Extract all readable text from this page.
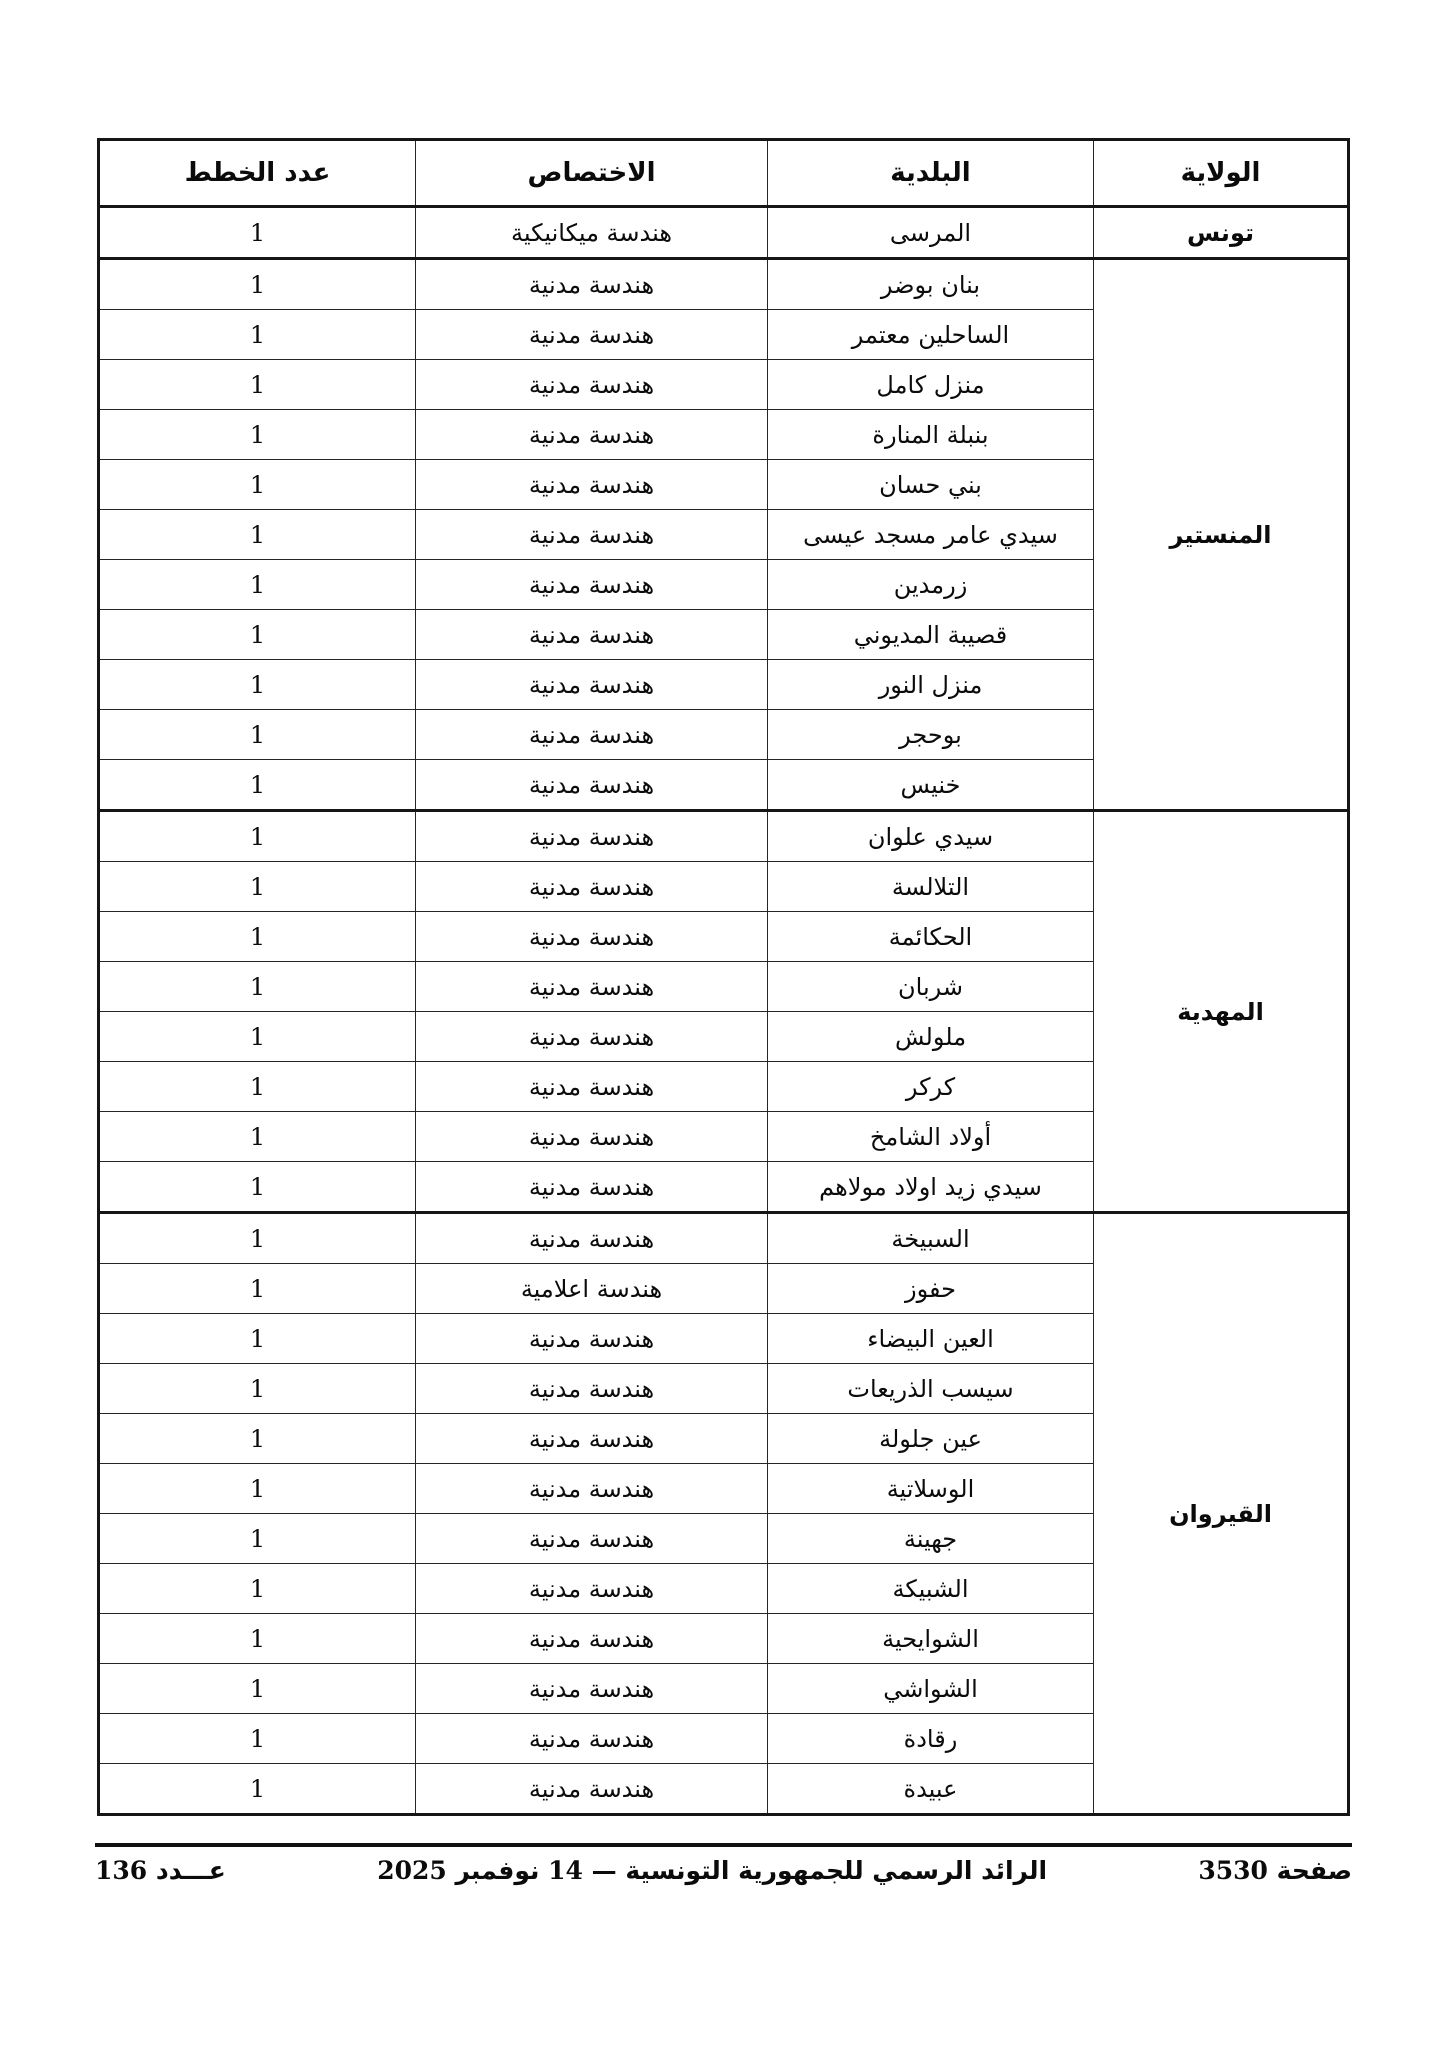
الولاية	البلدية	الاختصاص	عدد الخطط
تونس	المرسى	هندسة ميكانيكية	1
المنستير	بنان بوضر	هندسة مدنية	1
	الساحلين معتمر	هندسة مدنية	1
	منزل كامل	هندسة مدنية	1
	بنبلة المنارة	هندسة مدنية	1
	بني حسان	هندسة مدنية	1
	سيدي عامر مسجد عيسى	هندسة مدنية	1
	زرمدين	هندسة مدنية	1
	قصيبة المديوني	هندسة مدنية	1
	منزل النور	هندسة مدنية	1
	بوحجر	هندسة مدنية	1
	خنيس	هندسة مدنية	1
المهدية	سيدي علوان	هندسة مدنية	1
	التلالسة	هندسة مدنية	1
	الحكائمة	هندسة مدنية	1
	شربان	هندسة مدنية	1
	ملولش	هندسة مدنية	1
	كركر	هندسة مدنية	1
	أولاد الشامخ	هندسة مدنية	1
	سيدي زيد اولاد مولاهم	هندسة مدنية	1
القيروان	السبيخة	هندسة مدنية	1
	حفوز	هندسة اعلامية	1
	العين البيضاء	هندسة مدنية	1
	سيسب الذريعات	هندسة مدنية	1
	عين جلولة	هندسة مدنية	1
	الوسلاتية	هندسة مدنية	1
	جهينة	هندسة مدنية	1
	الشبيكة	هندسة مدنية	1
	الشوايحية	هندسة مدنية	1
	الشواشي	هندسة مدنية	1
	رقادة	هندسة مدنية	1
	عبيدة	هندسة مدنية	1
صفحة 3530
الرائد الرسمي للجمهورية التونسية — 14 نوفمبر 2025
عـــدد 136
